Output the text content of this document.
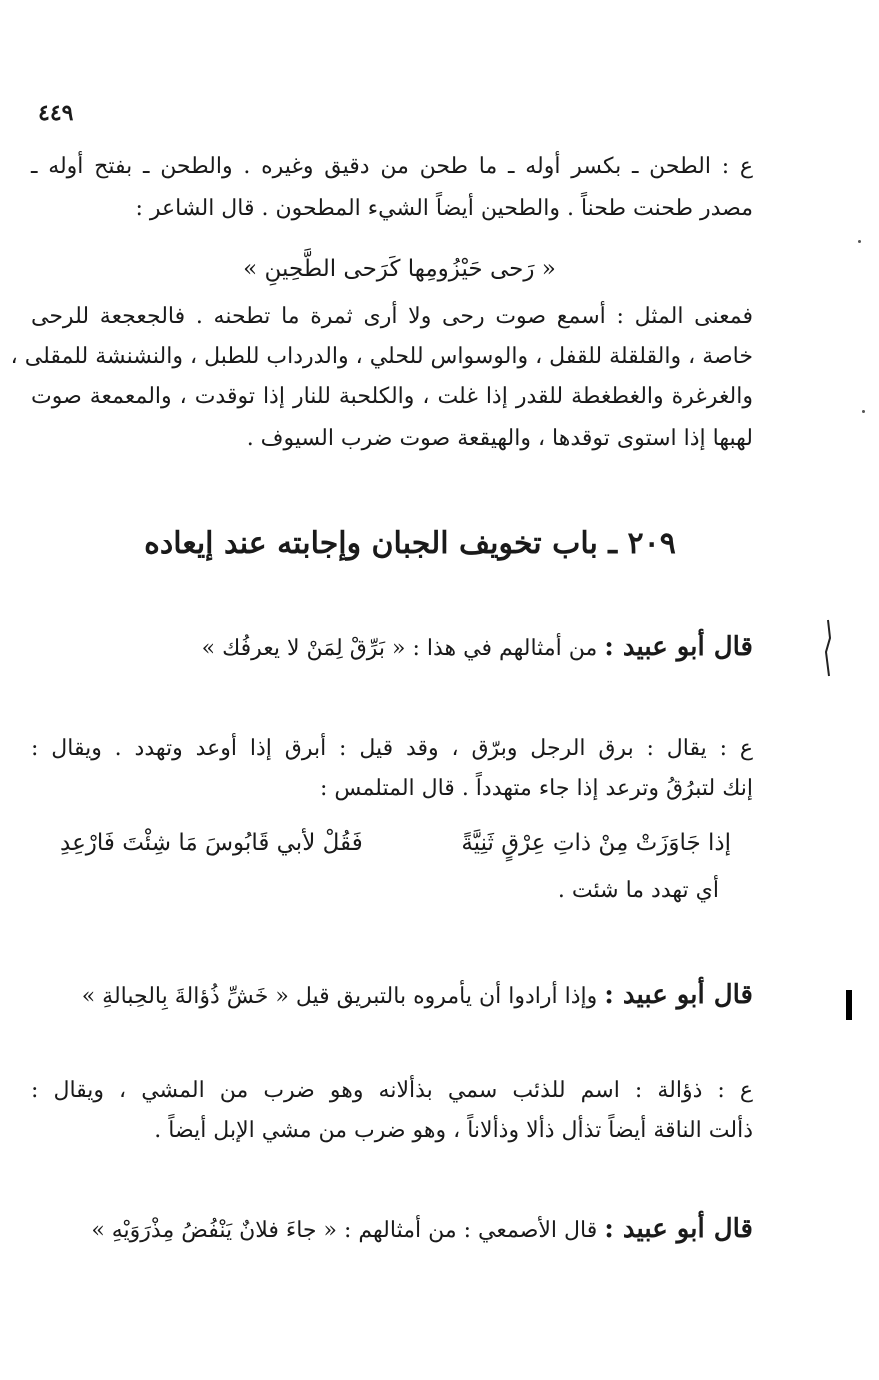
٤٤٩
ع : الطحن ـ بكسر أوله ـ ما طحن من دقيق وغيره . والطحن ـ بفتح أوله ـ
مصدر طحنت طحناً . والطحين أيضاً الشيء المطحون . قال الشاعر :
« رَحى حَيْزُومِها كَرَحى الطَّحِينِ »
فمعنى المثل : أسمع صوت رحى ولا أرى ثمرة ما تطحنه . فالجعجعة للرحى
خاصة ، والقلقلة للقفل ، والوسواس للحلي ، والدرداب للطبل ، والنشنشة للمقلى ،
والغرغرة والغطغطة للقدر إذا غلت ، والكلحبة للنار إذا توقدت ، والمعمعة صوت
لهبها إذا استوى توقدها ، والهيقعة صوت ضرب السيوف .
٢٠٩ ـ باب تخويف الجبان وإجابته عند إيعاده
قال أبو عبيد : من أمثالهم في هذا : « بَرِّقْ لِمَنْ لا يعرفُك »
ع : يقال : برق الرجل وبرّق ، وقد قيل : أبرق إذا أوعد وتهدد . ويقال :
إنك لتبرُقُ وترعد إذا جاء متهدداً . قال المتلمس :
إذا جَاوَزَتْ مِنْ ذاتِ عِرْقٍ ثَنِيَّةً
فَقُلْ لأبي قَابُوسَ مَا شِئْتَ فَارْعِدِ
أي تهدد ما شئت .
قال أبو عبيد : وإذا أرادوا أن يأمروه بالتبريق قيل « خَشِّ ذُؤالةَ بِالحِبالةِ »
ع : ذؤالة : اسم للذئب سمي بذألانه وهو ضرب من المشي ، ويقال :
ذألت الناقة أيضاً تذأل ذألا وذألاناً ، وهو ضرب من مشي الإبل أيضاً .
قال أبو عبيد : قال الأصمعي : من أمثالهم : « جاءَ فلانٌ يَنْفُضُ مِذْرَوَيْهِ »
